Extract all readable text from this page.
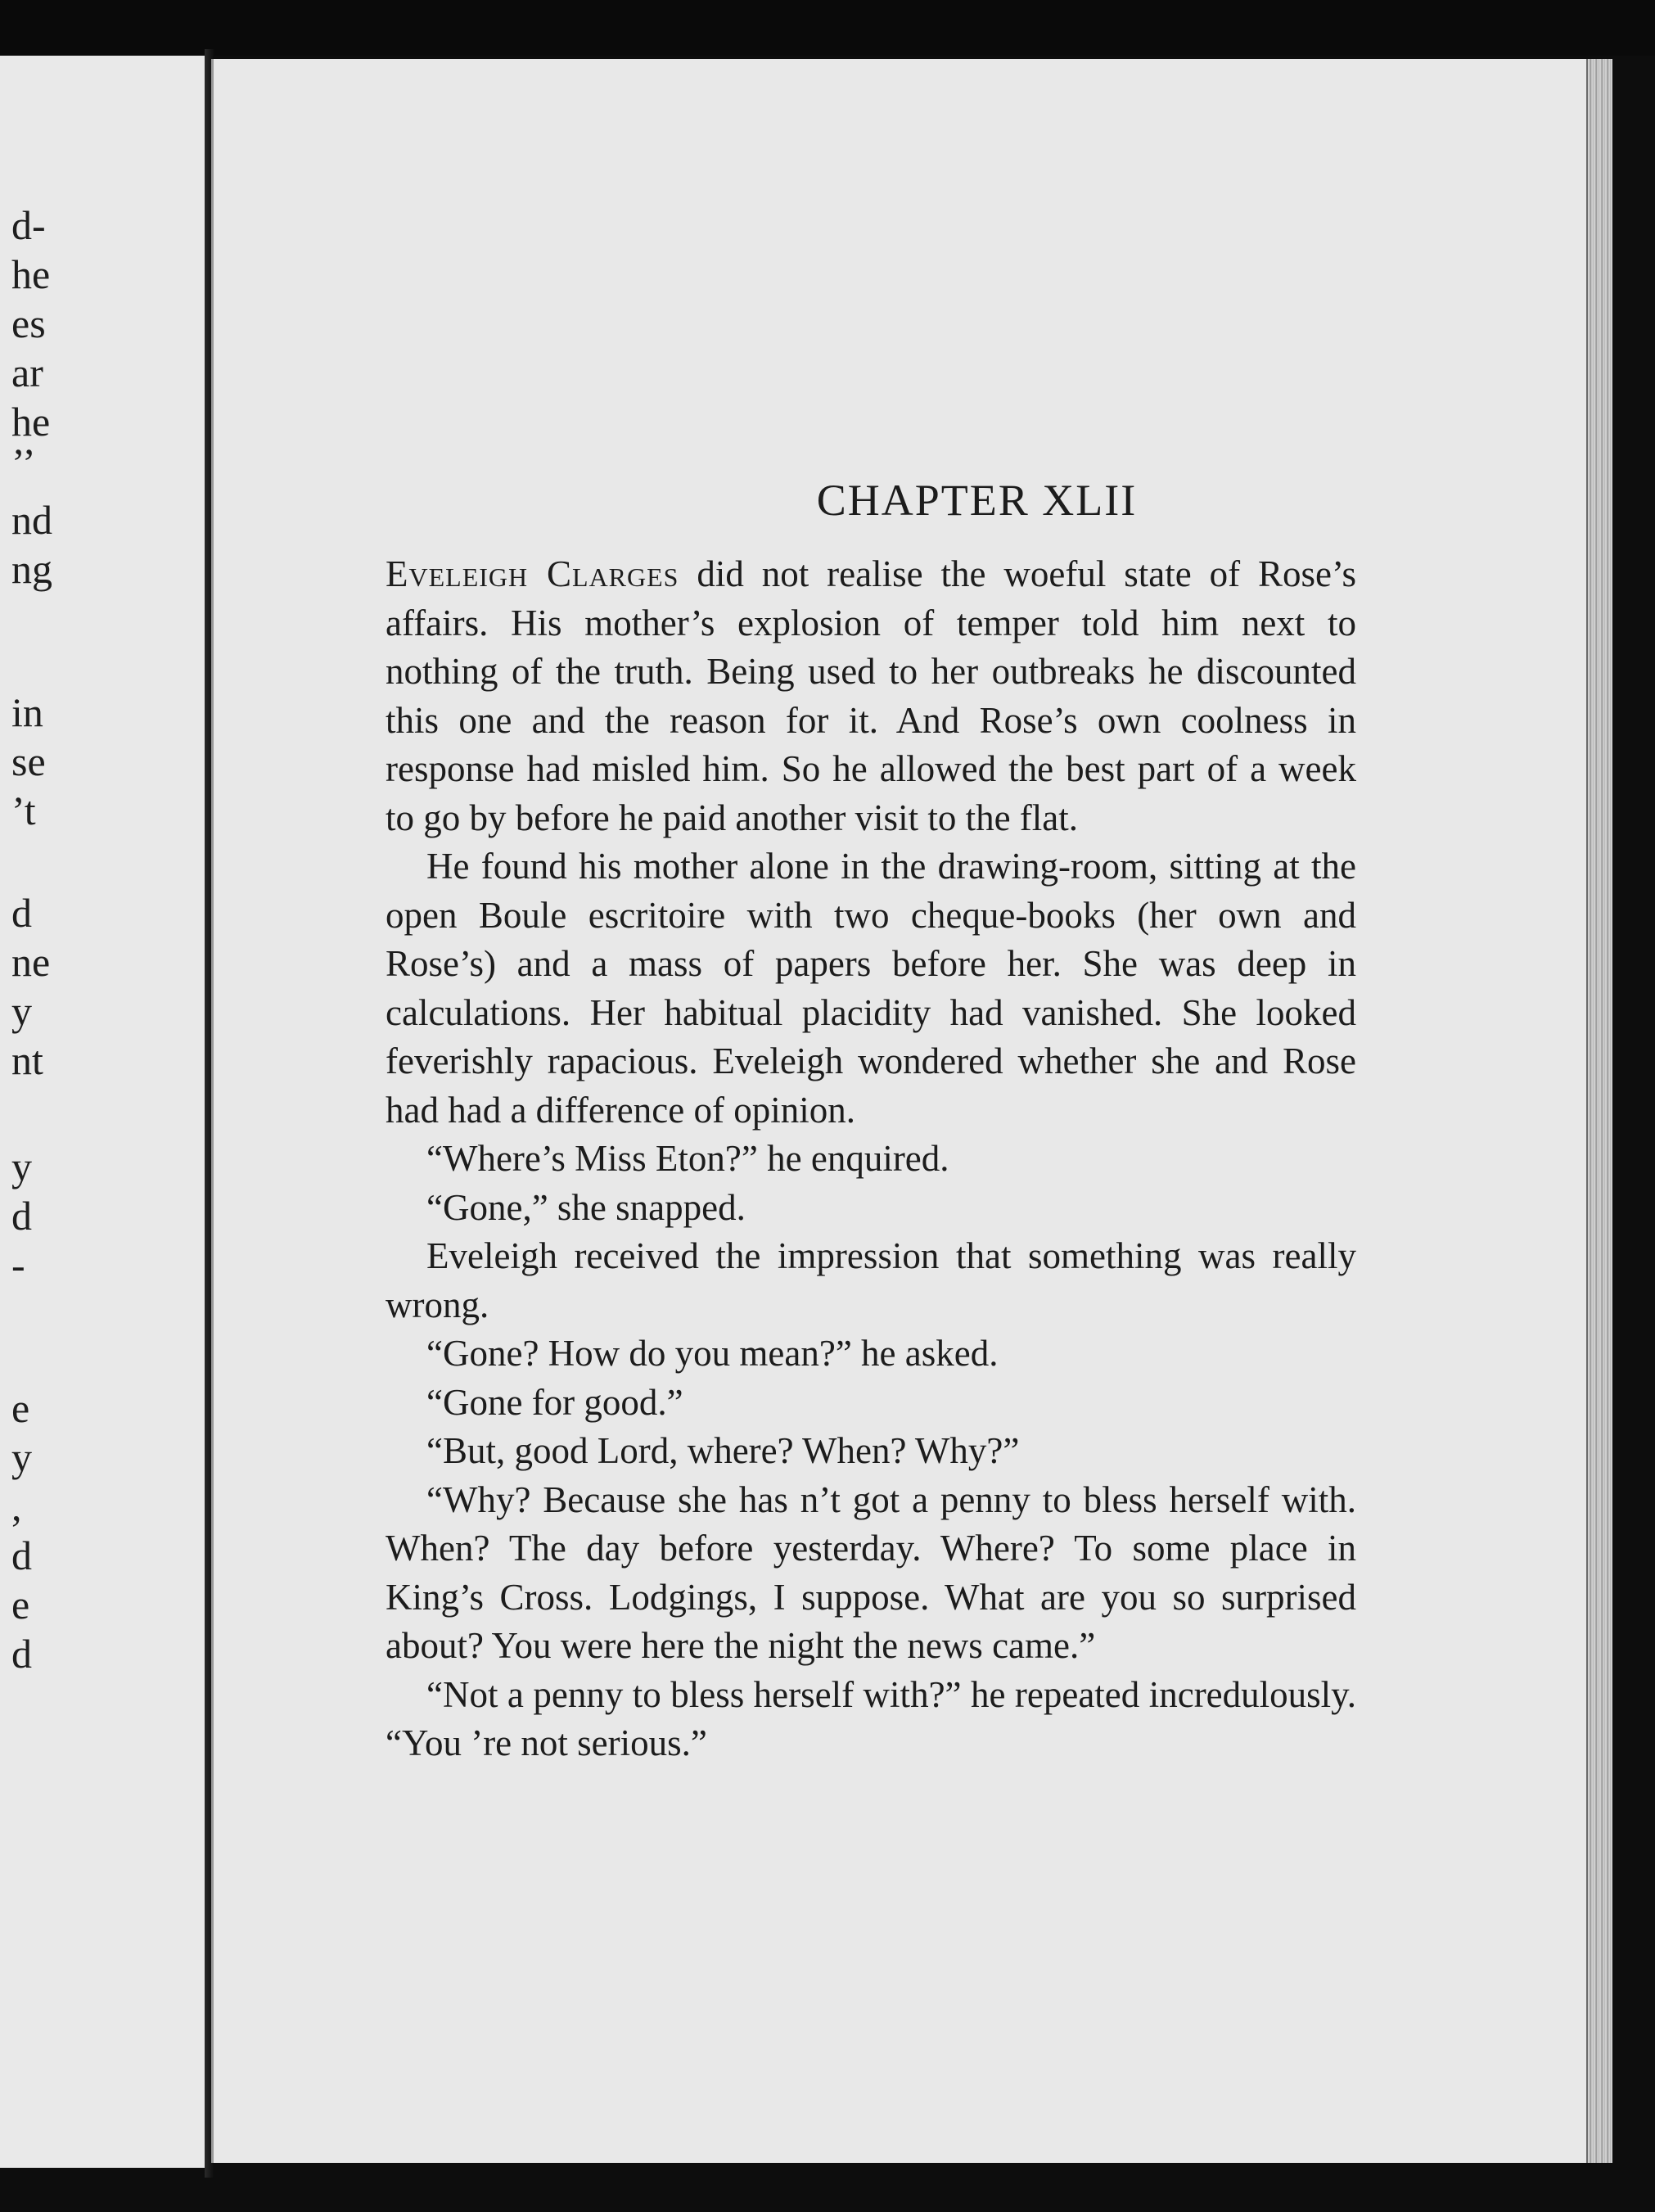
d-
he
es
ar
he
’’
nd
ng
in
se
’t
d
ne
y
nt
y
d
-
e
y
,
d
e
d
CHAPTER XLII

Eveleigh Clarges did not realise the woeful state of Rose’s affairs. His mother’s explosion of temper told him next to nothing of the truth. Being used to her outbreaks he discounted this one and the reason for it. And Rose’s own coolness in response had misled him. So he allowed the best part of a week to go by before he paid another visit to the flat.

He found his mother alone in the drawing-room, sitting at the open Boule escritoire with two cheque-books (her own and Rose’s) and a mass of papers before her. She was deep in calculations. Her habitual placidity had vanished. She looked feverishly rapacious. Eveleigh wondered whether she and Rose had had a difference of opinion.

“Where’s Miss Eton?” he enquired.

“Gone,” she snapped.

Eveleigh received the impression that something was really wrong.

“Gone? How do you mean?” he asked.

“Gone for good.”

“But, good Lord, where? When? Why?”

“Why? Because she has n’t got a penny to bless herself with. When? The day before yesterday. Where? To some place in King’s Cross. Lodgings, I suppose. What are you so surprised about? You were here the night the news came.”

“Not a penny to bless herself with?” he repeated incredulously. “You ’re not serious.”
